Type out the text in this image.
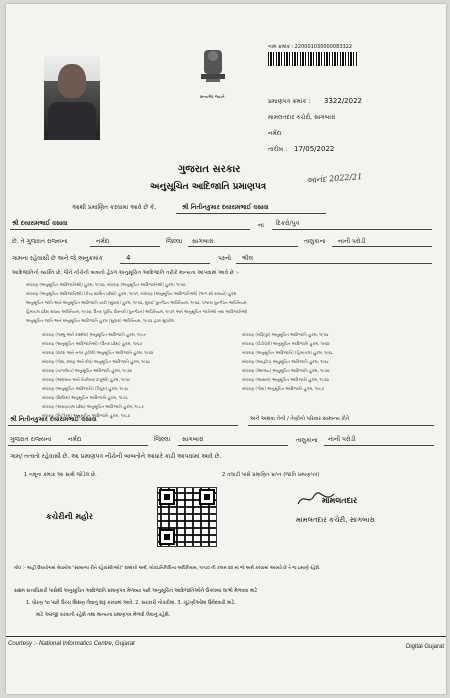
સત્યમેવ જયતે
નામ ક્રમાંક : 220001030000083322
પ્રમાણપત્ર ક્રમાંક : 3322/2022
મામલતદાર કચેરી, સાગબારા
નર્મદા
તારીખ : 17/05/2022
આનંદ 2022/21
ગુજરાત સરકાર
અનુસૂચિત આદિજાતિ પ્રમાણપત્ર
આથી પ્રમાણિત કરવામાં આવે છે કે,	શ્રી નિતીનકુમાર દયારામભાઈ વસાવા
શ્રી દયારામભાઈ વસાવા	ના દિકરો/પુત્ર
છે. તે ગુજરાત રાજ્યના	નર્મદા	જિલ્લા સાગબારા	તાલુકાના નાની પરોડી
ગામના રહેવાસી છે અને જે અનુક્રમાંક	4	પરનો ભીલ
આદિજાતિનો વ્યક્તિ છે, જેને નીચેની બાબતો હેઠળ અનુસૂચિત આદિજાતિ તરીકે માન્યતા આપવામાં આવે છે :-
બંધારણ (અનુસૂચિત આદિજાતિઓ) હુકમ, ૧૯૫૦, બંધારણ (અનુસૂચિત આદિજાતિઓ) હુકમ, ૧૯૫૦
બંધારણ (અનુસૂચિત આદિજાતિઓ) (કેન્દ્ર શાસિત પ્રદેશો) હુકમ, ૧૯૫૧, બંધારણ (અનુસૂચિત આદિજાતિઓ) (ભાગ સી રાજ્યો) હુકમ
અનુસૂચિત જાતિ અને અનુસૂચિત આદિજાતિ યાદી (સુધારા) હુકમ, ૧૯૫૬, મુંબઈ પુનર્ગઠન અધિનિયમ, ૧૯૬૦, પંજાબ પુનર્ગઠન અધિનિયમ
હિમાચલ પ્રદેશ રાજ્ય અધિનિયમ, ૧૯૭૦, ઉત્તર પૂર્વીય વિસ્તારો (પુનર્ગઠન) અધિનિયમ, ૧૯૭૧ અને અનુસૂચિત જાતિઓ તથા આદિજાતિઓ
અનુસૂચિત જાતિ અને અનુસૂચિત આદિજાતિ હુકમ (સુધારા) અધિનિયમ, ૧૯૭૬ દ્વારા સુધારેલ
બંધારણ (જમ્મુ અને કાશ્મીર) અનુસૂચિત આદિજાતિ હુકમ, ૧૯૮૯
બંધારણ (અનુસૂચિત આદિજાતિઓ) (ઉત્તર પ્રદેશ) હુકમ, ૧૯૬૭
બંધારણ (દાદરા અને નગર હવેલી) અનુસૂચિત આદિજાતિ હુકમ, ૧૯૬૨
બંધારણ (ગોવા, દમણ અને દીવ) અનુસૂચિત આદિજાતિ હુકમ, ૧૯૬૮
બંધારણ (નાગાલેન્ડ) અનુસૂચિત આદિજાતિ હુકમ, ૧૯૭૦
બંધારણ (અંદામાન અને નિકોબાર ટાપુઓ) હુકમ, ૧૯૫૯
બંધારણ (અનુસૂચિત આદિજાતિ) (ત્રિપુરા) હુકમ, ૧૯૭૮
બંધારણ (સિક્કિમ) અનુસૂચિત આદિજાતિ હુકમ, ૧૯૭૮
બંધારણ (અરુણાચલ પ્રદેશ) અનુસૂચિત આદિજાતિ હુકમ, ૧૯૮૭
બંધારણ (મિઝોરમ) અનુસૂચિત આદિજાતિ હુકમ, ૧૯૮૭
બંધારણ (મણિપુર) અનુસૂચિત આદિજાતિ હુકમ, ૧૯૫૬
બંધારણ (પોંડીચેરી) અનુસૂચિત આદિજાતિ હુકમ, ૧૯૬૪
બંધારણ (અનુસૂચિત આદિજાતિ) (હિમાચલ) હુકમ, ૧૯૬૮
બંધારણ (લક્ષદ્વીપ) અનુસૂચિત આદિજાતિ હુકમ, ૧૯૬૮
બંધારણ (મેઘાલય) અનુસૂચિત આદિજાતિ હુકમ, ૧૯૭૦
બંધારણ (આસામ) અનુસૂચિત આદિજાતિ હુકમ, ૧૯૭૦
બંધારણ (ગોવા) અનુસૂચિત આદિજાતિ હુકમ, ૧૯૮૭
શ્રી નિતીનકુમાર દયારામભાઈ વસાવા	અને અથવા તેની / તેણીનો પરિવાર સામાન્ય રીતે
ગુજરાત રાજ્યના	નર્મદા	જિલ્લા સાગબારા	તાલુકાના નાની પરોડી
ગામ/ તત્વતો રહેવાસી છે. આ પ્રમાણપત્ર નીચેની બાબતોને આધારે કાઢી આપવામાં આવે છે.
1 નમૂના ક્રમાંક આ સાથે જોડેલ છે.	2 તલાટી પાસે પ્રમાણિત પ્રાપ્ત (જાતિ પ્રમાણપત્ર)
કચેરીની મહોર
મામલતદાર
મામલતદાર કચેરી, સાગબારા
નોંધ :- અહીં ઉપયોગમાં લેવાયેલ "સામાન્ય રીતે રહેવાસી(ઓ)" શબ્દનો અર્થ, લોકપ્રતિનિધિત્વ અધિનિયમ, ૧૯૫૦ ની કલમ ૨૦ માં જે અર્થ કરવામાં આવ્યો છે તે જ પ્રમાણે રહેશે.
સક્ષમ સત્તાધિકારી પાસેથી અનુસૂચિત આદિજાતિ પ્રમાણપત્ર મેળવ્યા પછી અનુસૂચિત આદિજાતિઓને ઉપલબ્ધ લાભો મેળવવા માટે
1. ધોરણ ૧૦ પછી ઉચ્ચ શિક્ષણ લેવાનું શરૂ કરવામાં આવે. 2. સરકારી નોકરીમાં. 3. ચૂંટણીઓમાં ઉમેદવારી માટે.
માટે અરજી કરવાની રહેશે તથા માન્યતા પ્રમાણપત્ર મેળવી લેવાનું રહેશે.
Courtesy :- National Informatics Centre, Gujarat	Digital Gujarat
